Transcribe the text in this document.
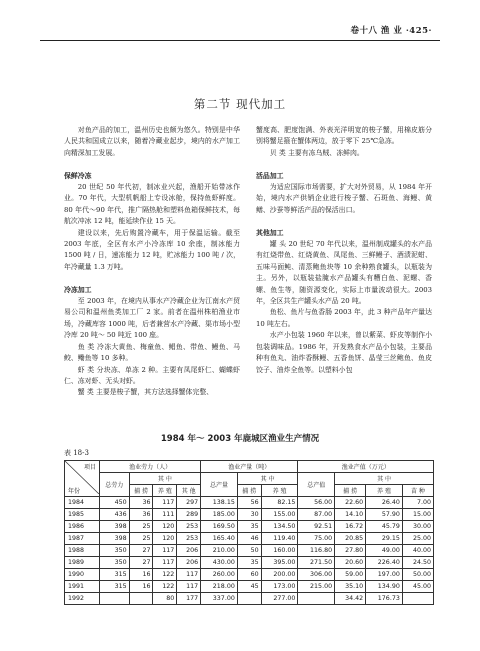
卷十八 渔 业 ·425·
第二节 现代加工

对鱼产品的加工，温州历史也颇为悠久。特别是中华人民共和国成立以来，随着冷藏业起步，境内的水产加工向精深加工发展。

保鲜冷冻

20 世纪 50 年代初，制冰业兴起，渔船开始带冰作业。70 年代，大型机帆船上专设冰舱，保持鱼虾鲜度。80 年代～90 年代，推广隔热舱和塑料鱼箱保鲜技术，每航次冲冰 12 吨，能延续作业 15 天。

建设以来，先后购置冷藏车，用于保温运输。截至 2003 年底，全区有水产小冷冻库 10 余座，制冰能力 1500 吨 / 日，速冻能力 12 吨，贮冰能力 100 吨 / 次，年冷藏量 1.3 万吨。

冷冻加工

至 2003 年，在境内从事水产冷藏企业为江南水产贸易公司和温州鱼类加工厂 2 家。前者在温州株柏渔业市场，冷藏库容 1000 吨，后者兼营水产冷藏、渠市场小型冷库 20 吨～ 50 吨近 100 座。

鱼 类 冷冻大黄鱼、梅童鱼、鲳鱼、带鱼、鳗鱼、马鲛、鳓鱼等 10 多种。

虾 类 分块冻、单冻 2 种。主要有凤尾虾仁、蝴蝶虾仁、冻对虾、无头对虾。

蟹 类 主要是梭子蟹，其方法选择蟹体完整、

蟹度高、肥度饱满、外表光洋明宽的梭子蟹，用棉皮筋分别将蟹足箍在蟹体两边，放于零下 25℃急冻。

贝 类 主要有冻乌贼、冻鲜肉。

活品加工

为适应国际市场需要，扩大对外贸易，从 1984 年开始，境内水产供销企业进行梭子蟹、石斑鱼、海鳗、黄鳝、沙蚕等鲜活产品的保活出口。

其他加工

罐 头 20 世纪 70 年代以来，温州制成罐头的水产品有红烧带鱼、红烧黄鱼、凤尾鱼、三鲜鳗子、酒渍泥蚶、五味马面鲀、清蒸鲍鱼块等 10 余种熟食罐头，以瓶装为主。另外，以瓶装盐腌水产品罐头有糟白鱼、泥螺、香螺、鱼生等，随资源变化，实际上市量波动很大。2003 年，全区共生产罐头水产品 20 吨。

鱼松、鱼片与鱼香肠 2003 年，此 3 种产品年产量达 10 吨左右。

水产小包装 1960 年以来，曾以紫菜、虾皮等制作小包装调味品。1986 年，开发熟食水产品小包装，主要品种有鱼丸、油炸香酥鳗、五香鱼饼、晶莹三丝鲍鱼、鱼皮饺子、油炸全鱼等。以塑料小包

1984 年～ 2003 年鹿城区渔业生产情况
表 18-3
项目
年份	渔业劳力（人）				渔业产量（吨）			渔业产值（万元）			
	总劳力	其 中			总产量	其 中		总产值	其 中		
		捕 捞	养 殖	其 他		捕 捞	养 殖		捕 捞	养 殖	苗 种
1984	450	36	117	297	138.15	56	82.15	56.00	22.60	26.40	7.00
1985	436	36	111	289	185.00	30	155.00	87.00	14.10	57.90	15.00
1986	398	25	120	253	169.50	35	134.50	92.51	16.72	45.79	30.00
1987	398	25	120	253	165.40	46	119.40	75.00	20.85	29.15	25.00
1988	350	27	117	206	210.00	50	160.00	116.80	27.80	49.00	40.00
1989	350	27	117	206	430.00	35	395.00	271.50	20.60	226.40	24.50
1990	315	16	122	117	260.00	60	200.00	306.00	59.00	197.00	50.00
1991	315	16	122	117	218.00	45	173.00	215.00	35.10	134.90	45.00
1992			80	177	337.00		277.00		34.42	176.73	
